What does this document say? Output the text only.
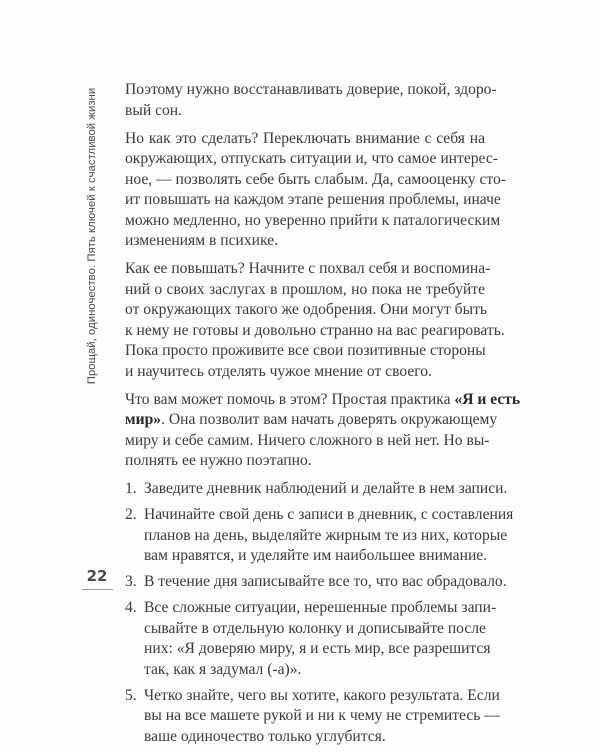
Прощай, одиночество. Пять ключей к счастливой жизни
22

Поэтому нужно восстанавливать доверие, покой, здоро-
вый сон.

Но как это сделать? Переключать внимание с себя на
окружающих, отпускать ситуации и, что самое интерес-
ное, — позволять себе быть слабым. Да, самооценку сто-
ит повышать на каждом этапе решения проблемы, иначе
можно медленно, но уверенно прийти к паталогическим
изменениям в психике.

Как ее повышать? Начните с похвал себя и воспомина-
ний о своих заслугах в прошлом, но пока не требуйте
от окружающих такого же одобрения. Они могут быть
к нему не готовы и довольно странно на вас реагировать.
Пока просто проживите все свои позитивные стороны
и научитесь отделять чужое мнение от своего.

Что вам может помочь в этом? Простая практика «Я и есть
мир». Она позволит вам начать доверять окружающему
миру и себе самим. Ничего сложного в ней нет. Но вы-
полнять ее нужно поэтапно.

1. Заведите дневник наблюдений и делайте в нем записи.
2. Начинайте свой день с записи в дневник, с составления
планов на день, выделяйте жирным те из них, которые
вам нравятся, и уделяйте им наибольшее внимание.
3. В течение дня записывайте все то, что вас обрадовало.
4. Все сложные ситуации, нерешенные проблемы запи-
сывайте в отдельную колонку и дописывайте после
них: «Я доверяю миру, я и есть мир, все разрешится
так, как я задумал (-а)».
5. Четко знайте, чего вы хотите, какого результата. Если
вы на все машете рукой и ни к чему не стремитесь —
ваше одиночество только углубится.
